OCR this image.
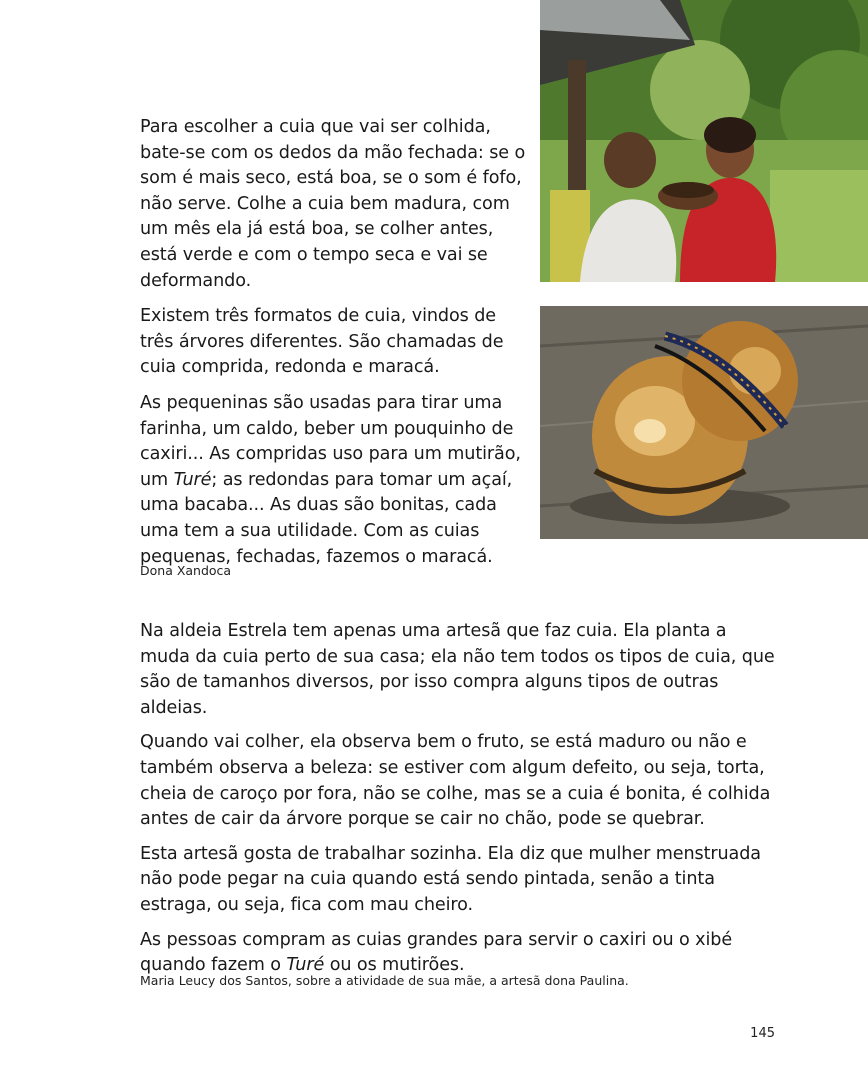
Para escolher a cuia que vai ser colhida, bate-se com os dedos da mão fechada: se o som é mais seco, está boa, se o som é fofo, não serve. Colhe a cuia bem madura, com um mês ela já está boa, se colher antes, está verde e com o tempo seca e vai se deformando.

Existem três formatos de cuia, vindos de três árvores diferentes. São chamadas de cuia comprida, redonda e maracá.

As pequeninas são usadas para tirar uma farinha, um caldo, beber um pouquinho de caxiri... As compridas uso para um mutirão, um Turé; as redondas para tomar um açaí, uma bacaba... As duas são bonitas, cada uma tem a sua utilidade. Com as cuias pequenas, fechadas, fazemos o maracá.

Dona Xandoca

Na aldeia Estrela tem apenas uma artesã que faz cuia. Ela planta a muda da cuia perto de sua casa; ela não tem todos os tipos de cuia, que são de tamanhos diversos, por isso compra alguns tipos de outras aldeias.

Quando vai colher, ela observa bem o fruto, se está maduro ou não e também observa a beleza: se estiver com algum defeito, ou seja, torta, cheia de caroço por fora, não se colhe, mas se a cuia é bonita, é colhida antes de cair da árvore porque se cair no chão, pode se quebrar.

Esta artesã gosta de trabalhar sozinha. Ela diz que mulher menstruada não pode pegar na cuia quando está sendo pintada, senão a tinta estraga, ou seja, fica com mau cheiro.

As pessoas compram as cuias grandes para servir o caxiri ou o xibé quando fazem o Turé ou os mutirões.

Maria Leucy dos Santos, sobre a atividade de sua mãe, a artesã dona Paulina.
145
